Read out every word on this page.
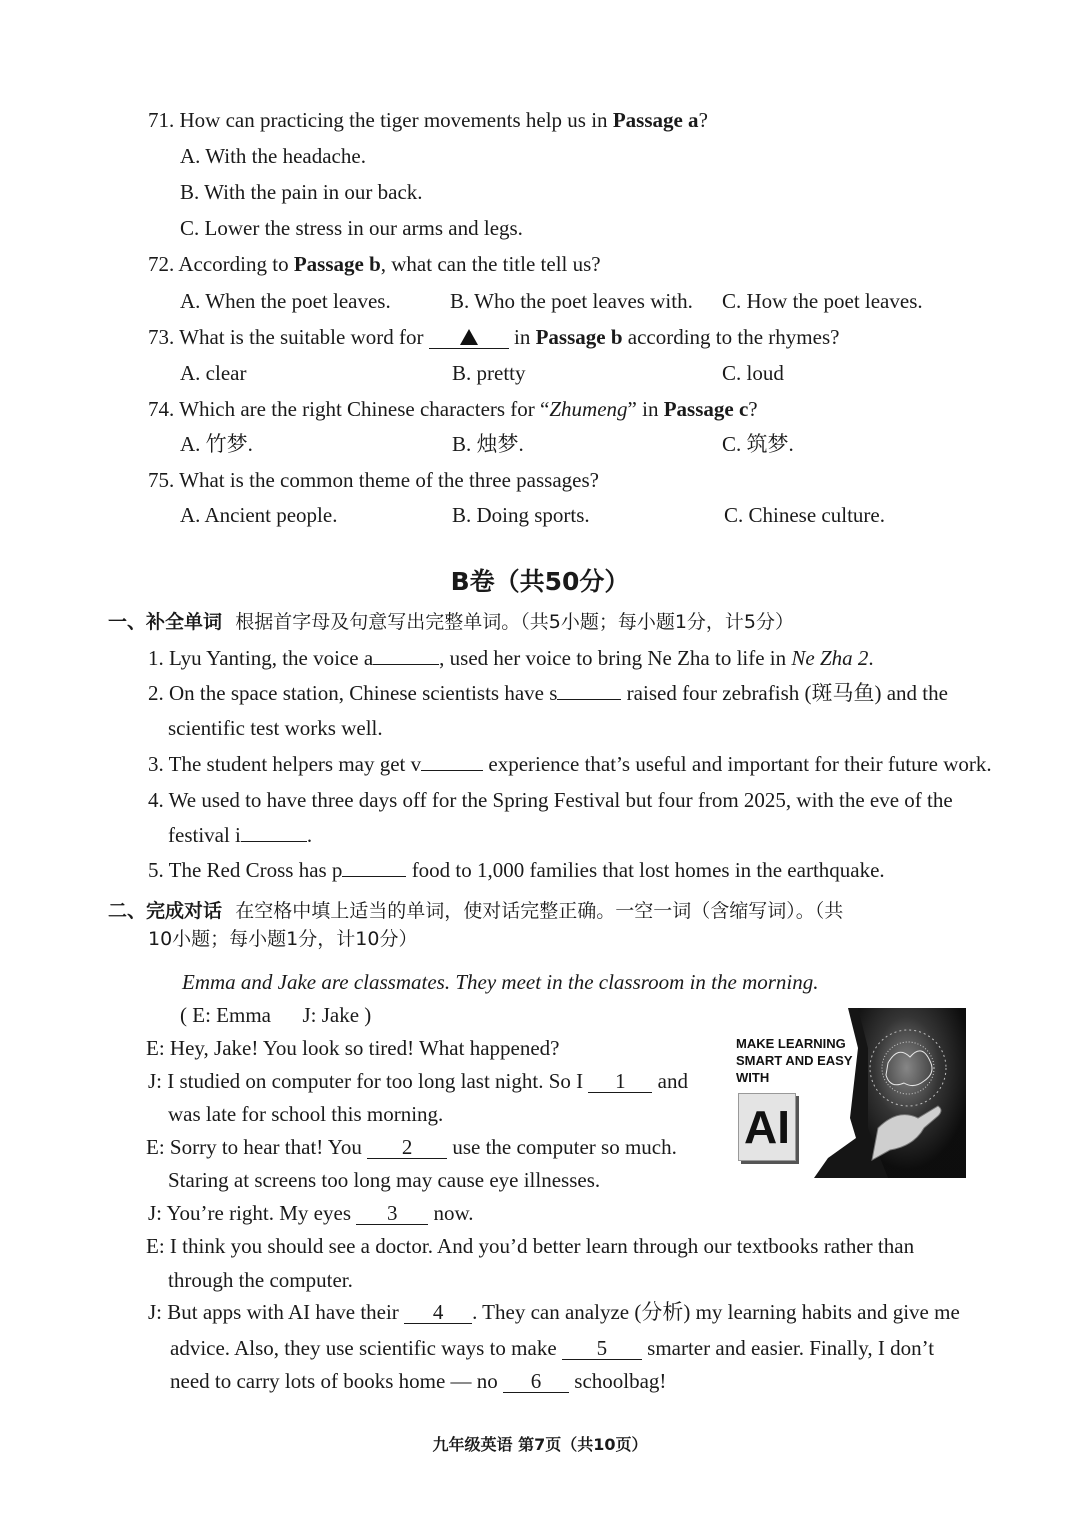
71. How can practicing the tiger movements help us in Passage a?
A. With the headache.
B. With the pain in our back.
C. Lower the stress in our arms and legs.
72. According to Passage b, what can the title tell us?
A. When the poet leaves.	B. Who the poet leaves with. C. How the poet leaves.
73. What is the suitable word for	in Passage b according to the rhymes?
A. clear	B. pretty	C. loud
74. Which are the right Chinese characters for “Zhumeng” in Passage c?
A. 竹梦.	B. 烛梦.	C. 筑梦.
75. What is the common theme of the three passages?
A. Ancient people.	B. Doing sports.	C. Chinese culture.
B卷（共50分）
一、补全单词 根据首字母及句意写出完整单词。（共5小题；每小题1分，计5分）
1. Lyu Yanting, the voice a	, used her voice to bring Ne Zha to life in Ne Zha 2.
2. On the space station, Chinese scientists have s	raised four zebrafish (斑马鱼) and the
scientific test works well.
3. The student helpers may get v	experience that’s useful and important for their future work.
4. We used to have three days off for the Spring Festival but four from 2025, with the eve of the
festival i	.
5. The Red Cross has p	food to 1,000 families that lost homes in the earthquake.
二、完成对话 在空格中填上适当的单词，使对话完整正确。一空一词（含缩写词）。（共
10小题；每小题1分，计10分）
Emma and Jake are classmates. They meet in the classroom in the morning.
( E: Emma      J: Jake )
E: Hey, Jake! You look so tired! What happened?
J: I studied on computer for too long last night. So I 1 and
was late for school this morning.
E: Sorry to hear that! You 2 use the computer so much.
Staring at screens too long may cause eye illnesses.
J: You’re right. My eyes 3 now.
E: I think you should see a doctor. And you’d better learn through our textbooks rather than
through the computer.
J: But apps with AI have their 4 . They can analyze (分析) my learning habits and give me
advice. Also, they use scientific ways to make 5 smarter and easier. Finally, I don’t
need to carry lots of books home — no 6 schoolbag!
MAKE LEARNING SMART AND EASY WITH
AI
九年级英语 第7页（共10页）
